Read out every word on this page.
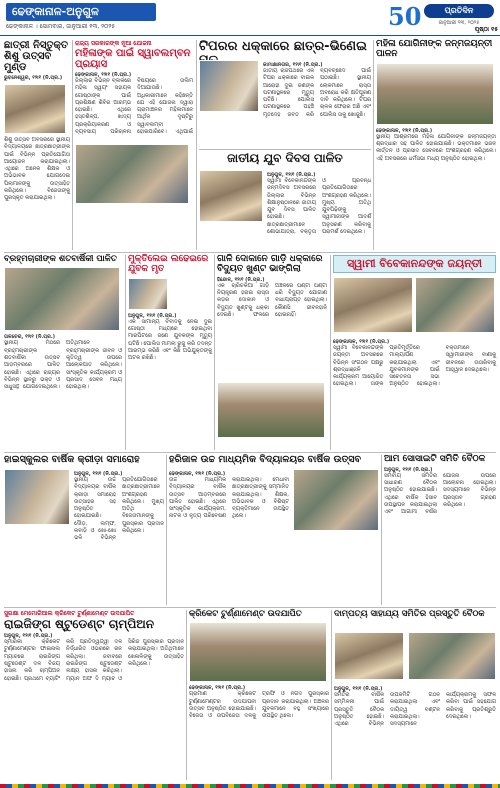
ଢେଙ୍କାନାଳ-ଅନୁଗୁଳ
ଢେଙ୍କାନାଳ । ସୋମବାର, ଜାନୁଆରୀ ୧୩, ୨୦୨୫	50	ପ୍ରତିଦିନ
ଜାନୁଆରୀ ୧୩, ୨୦୨୫
ପୃଷ୍ଠା ୧୫
ଛାତ୍ରୀ ନିସ୍ତୁକ୍ତ ଶିଶୁ ଉତ୍ସବ ମୁଣ୍ଡ
ଭୁବନେଶ୍ୱର, ୧୨ା୧ (ନି.ପ୍ର.)
ଶିଶୁ ଉତ୍ସବ ଅବସରରେ ସ୍ଥାନୀୟ ବିଦ୍ୟାଳୟରେ ଛାତ୍ରଛାତ୍ରୀଙ୍କ ପାଇଁ ବିଭିନ୍ନ ପ୍ରତିଯୋଗିତା ଆୟୋଜନ କରାଯାଇଥିଲା। ଏଥିରେ ଅନେକ ଶିକ୍ଷକ ଓ ଅଭିଭାବକ ଯୋଗଦେଇ ପିଲାମାନଙ୍କୁ ଉତ୍ସାହିତ କରିଥିଲେ। ବିଜେତାଙ୍କୁ ପୁରସ୍କୃତ କରାଯାଇଥିଲା।
ରାଜ୍ୟ ସରକାରଙ୍କ ନୂଆ ଯୋଜନା
ମହିଳାଙ୍କ ପାଇଁ ସ୍ୱାବଲମ୍ବନ ପ୍ରୟାସ
ଢେଙ୍କାନାଳ, ୧୨ା୧ (ନି.ପ୍ର.)
ଜିଲ୍ଲାର ବିଭିନ୍ନ ବ୍ଲକରେ ମହିଳା ସ୍ୱୟଂ ସହାୟକ ଗୋଷ୍ଠୀଙ୍କ ପାଇଁ ପ୍ରଶିକ୍ଷଣ ଶିବିର ଆରମ୍ଭ ହୋଇଛି। ଏଥିରେ ହସ୍ତଶିଳ୍ପ, ଖାଦ୍ୟ ପ୍ରକ୍ରିୟାକରଣ ଓ ବ୍ୟବସାୟ ପରିଚାଳନା ବିଷୟରେ ତାଲିମ ଦିଆଯାଉଛି। ଅଧିକାରୀମାନେ କହିଛନ୍ତି ଯେ ଏହି ଯୋଜନା ଦ୍ୱାରା ଗ୍ରାମାଞ୍ଚଳର ମହିଳାମାନେ ଆର୍ଥିକ ଦୃଷ୍ଟିରୁ ସ୍ୱାବଲମ୍ବୀ ହୋଇପାରିବେ। ଏଥିପାଇଁ
ଟିପରର ଧକ୍କାରେ ଛାତ୍ର-ଭିଣେଇ
କାମାକ୍ଷାନଗର, ୧୨ା୧ (ନି.ପ୍ର.)
ଜାତୀୟ ରାଜପଥରେ ଏକ ଟିପର ଧକ୍କାରେ ବାଇକ ଆରୋହୀ ଦୁଇ ଜଣଙ୍କ ଘଟଣାସ୍ଥଳରେ ମୃତ୍ୟୁ ଘଟିଛି। ପୋଲିସ ଘଟଣାସ୍ଥଳରେ ପହଞ୍ଚି ମୃତଦେହ ଜବତ କରି ବ୍ୟବଚ୍ଛେଦ ପାଇଁ ପଠାଇଛି। ସ୍ଥାନୀୟ ଲୋକମାନେ ରାସ୍ତା ଅବରୋଧ କରି କ୍ଷତିପୂରଣ ଦାବି କରିଥିଲେ। ଟିପର ଚାଳକ ଫେରାର ଅଛି ଏବଂ ପୋଲିସ ତାକୁ ଖୋଜୁଛି।
ମହିଳା ଯୋଗିନୀଙ୍କ ଜନ୍ମଜୟନ୍ତୀ ପାଳନ
ଢେଙ୍କାନାଳ, ୧୨ା୧ (ନି.ପ୍ର.)
ସ୍ଥାନୀୟ ଆଶ୍ରମରେ ମହିଳା ଯୋଗିନୀଙ୍କ ଜନ୍ମଜୟନ୍ତୀ ଶ୍ରଦ୍ଧାର ସହ ପାଳିତ ହୋଇଯାଇଛି। ଭକ୍ତମାନେ ଭଜନ କୀର୍ତ୍ତନ ଓ ପ୍ରସାଦ ସେବନରେ ଅଂଶଗ୍ରହଣ କରିଥିଲେ। ଏହି ଅବସରରେ ଧର୍ମସଭା ମଧ୍ୟ ଅନୁଷ୍ଠିତ ହୋଇଥିଲା।
ଜାତୀୟ ଯୁବ ଦିବସ ପାଳିତ
ଅନୁଗୁଳ, ୧୨ା୧ (ନି.ପ୍ର.)
ସ୍ୱାମୀ ବିବେକାନନ୍ଦଙ୍କ ଜନ୍ମଦିବସ ଅବସରରେ ଜିଲ୍ଲାର ବିଭିନ୍ନ ଶିକ୍ଷାନୁଷ୍ଠାନରେ ଜାତୀୟ ଯୁବ ଦିବସ ପାଳିତ ହୋଇଛି। ଛାତ୍ରଛାତ୍ରୀମାନେ ଶୋଭାଯାତ୍ରା, ବକ୍ତୃତା ଓ ପ୍ରବନ୍ଧ ପ୍ରତିଯୋଗିତାରେ ଅଂଶଗ୍ରହଣ କରିଥିଲେ। ମୁଖ୍ୟ ଅତିଥି ଯୁବପିଢ଼ିଙ୍କୁ ସ୍ୱାମୀଜୀଙ୍କ ଆଦର୍ଶ ଅନୁସରଣ କରିବାକୁ ପରାମର୍ଶ ଦେଇଥିଲେ।
ବ୍ରହ୍ମଚାରୀଙ୍କ ଶତବାର୍ଷିକୀ ପାଳିତ
ତାଳଚେର, ୧୨ା୧ (ନି.ପ୍ର.)
ସ୍ଥାନୀୟ ମଠରେ ବ୍ରହ୍ମଚାରୀଙ୍କ ଶତବାର୍ଷିକୀ ଉତ୍ସବ ଆଡ଼ମ୍ବରରେ ପାଳିତ ହୋଇଛି। ଏଥିରେ ରାଜ୍ୟର ବିଭିନ୍ନ ସ୍ଥାନରୁ ଭକ୍ତ ଓ ସାଧୁସନ୍ଥ ଯୋଗଦେଇଥିଲେ। ଅତିଥିମାନେ ବ୍ରହ୍ମଚାରୀଙ୍କ ଜୀବନ ଓ କୃତିତ୍ୱ ଉପରେ ଆଲୋକପାତ କରିଥିଲେ। ସାଂସ୍କୃତିକ କାର୍ଯ୍ୟକ୍ରମ ଓ ପ୍ରସାଦ ସେବନ ମଧ୍ୟ ହୋଇଥିଲା।
ମୁକ୍ତିଲେଇ ଲଢେଇରେ ଯୁବକ ମୃତ
ଅନୁଗୁଳ, ୧୨ା୧ (ନି.ପ୍ର.)
ଏକ ସାମାନ୍ୟ ବିବାଦକୁ ନେଇ ଦୁଇ ଗୋଷ୍ଠୀ ମଧ୍ୟରେ ହୋଇଥିବା ମାରପିଟରେ ଜଣେ ଯୁବକଙ୍କ ମୃତ୍ୟୁ ଘଟିଛି। ପୋଲିସ ମାମଲା ରୁଜୁ କରି ତଦନ୍ତ ଆରମ୍ଭ କରିଛି ଏବଂ କିଛି ଅଭିଯୁକ୍ତଙ୍କୁ ଅଟକ ରଖିଛି।
ଗାଳି ଦୋକାନେ ଗାଡ଼ି ଧକ୍କାରେ ବିଦ୍ୟୁତ ଖୁଣ୍ଟ ଭାଙ୍ଗିଲା
ହିନ୍ଦୋଳ, ୧୨ା୧ (ନି.ପ୍ର.)
ଏକ ଚାରିଚକିଆ ଗାଡ଼ି ନିୟନ୍ତ୍ରଣ ହରାଇ ରାସ୍ତା କଡ଼ର ଦୋକାନ ଓ ବିଦ୍ୟୁତ ଖୁଣ୍ଟକୁ ଧକ୍କା ଦେଇଛି। ଫଳରେ ଅଞ୍ଚଳରେ ଘଣ୍ଟା ଘଣ୍ଟା ଧରି ବିଦ୍ୟୁତ ଯୋଗାଣ ବାଧାପ୍ରାପ୍ତ ହୋଇଥିଲା। କୌଣସି ଜୀବନହାନି ହୋଇନାହିଁ।
ସ୍ୱାମୀ ବିବେକାନନ୍ଦଙ୍କ ଜୟନ୍ତୀ
ଢେଙ୍କାନାଳ, ୧୨ା୧ (ନି.ପ୍ର.)
ସ୍ୱାମୀ ବିବେକାନନ୍ଦଙ୍କ ଜୟନ୍ତୀ ଅବସରରେ ବିଭିନ୍ନ ସଂଗଠନ ପକ୍ଷରୁ ଶ୍ରଦ୍ଧାଞ୍ଜଳି କାର୍ଯ୍ୟକ୍ରମ ଆୟୋଜିତ ହୋଇଥିଲା। ତାଙ୍କ ପ୍ରତିମୂର୍ତ୍ତିରେ ମାଲ୍ୟାର୍ପଣ କରାଯାଇଥିଲା ଏବଂ ଯୁବକମାନଙ୍କ ପାଇଁ ସଚେତନତା ସଭା ଅନୁଷ୍ଠିତ ହୋଇଥିଲା। ବକ୍ତାମାନେ ସ୍ୱାମୀଜୀଙ୍କ ବାଣୀକୁ ଜୀବନରେ ଉତାରିବାକୁ ଆହ୍ୱାନ ଦେଇଥିଲେ।
ହାଇସ୍କୁଲର ବାର୍ଷିକ କ୍ରୀଡ଼ା ସମାରୋହ
ଅନୁଗୁଳ, ୧୨ା୧ (ନି.ପ୍ର.)
ସ୍ଥାନୀୟ ଉଚ୍ଚ ବିଦ୍ୟାଳୟର ବାର୍ଷିକ କ୍ରୀଡ଼ା ସମାରୋହ ଉତ୍ସାହର ସହ ଅନୁଷ୍ଠିତ ହୋଇଯାଇଛି। ଦୌଡ଼, ଲମ୍ଫ, କବାଡ଼ି ଓ ଖୋ-ଖୋ ଭଳି ବିଭିନ୍ନ ପ୍ରତିଯୋଗିତାରେ ଛାତ୍ରଛାତ୍ରୀମାନେ ଅଂଶଗ୍ରହଣ କରିଥିଲେ। ମୁଖ୍ୟ ଅତିଥି ବିଜେତାମାନଙ୍କୁ ପୁରସ୍କାର ପ୍ରଦାନ କରିଥିଲେ।
ହରିଜାଳ ଉଚ୍ଚ ମାଧ୍ୟମିକ ବିଦ୍ୟାଳୟର ବାର୍ଷିକ ଉତ୍ସବ
ଢେଙ୍କାନାଳ, ୧୨ା୧ (ନି.ପ୍ର.)
ଉଚ୍ଚ ମାଧ୍ୟମିକ ବିଦ୍ୟାଳୟର ବାର୍ଷିକ ଉତ୍ସବ ଆଡ଼ମ୍ବରରେ ପାଳିତ ହୋଇଛି। ଏଥିରେ ସାଂସ୍କୃତିକ କାର୍ଯ୍ୟକ୍ରମ, ନାଟକ ଓ ନୃତ୍ୟ ପରିବେଷଣ କରାଯାଇଥିଲା। ମେଧାବୀ ଛାତ୍ରଛାତ୍ରୀଙ୍କୁ ସମ୍ମାନିତ କରାଯାଇଥିଲା। ଶିକ୍ଷକ, ଅଭିଭାବକ ଓ ବିଶିଷ୍ଟ ବ୍ୟକ୍ତିମାନେ ଉପସ୍ଥିତ ଥିଲେ।
ଆମ ସୋସାଇଟି ସମିତି ବୈଠକ
ଅନୁଗୁଳ, ୧୨ା୧ (ନି.ପ୍ର.)
ସମବାୟ ସମିତିର ସାଧାରଣ ବୈଠକ ଅନୁଷ୍ଠିତ ହୋଇଯାଇଛି। ଏଥିରେ ବାର୍ଷିକ ହିସାବ ଉପସ୍ଥାପନ କରାଯାଇଥିଲା ଏବଂ ଆଗାମୀ ବର୍ଷର ଯୋଜନା ଉପରେ ଆଲୋଚନା ହୋଇଥିଲା। ସଦସ୍ୟମାନେ ବିଭିନ୍ନ ପ୍ରସ୍ତାବ ଗ୍ରହଣ କରିଥିଲେ।
ସୁରକ୍ଷା ମେମୋରିଆଲ କ୍ରିକେଟ ଟୁର୍ଣ୍ଣାମେଣ୍ଟ ଉଦଯାପିତ
ରାଇଜିଙ୍ଗ ଷ୍ଟୁଡେଣ୍ଟ ଚାମ୍ପିଅନ
ଅନୁଗୁଳ, ୧୨ା୧ (ନି.ପ୍ର.)
ସ୍ମାରକୀ କ୍ରିକେଟ ଟୁର୍ଣ୍ଣାମେଣ୍ଟର ଫାଇନାଲ ମ୍ୟାଚରେ ରାଇଜିଙ୍ଗ ଷ୍ଟୁଡେଣ୍ଟ ଦଳ ବିଜୟ ହାସଲ କରି ଚାମ୍ପିଅନ ହୋଇଛି। ପ୍ରଥମେ ବ୍ୟାଟିଂ କରି ପ୍ରତିଦ୍ୱନ୍ଦ୍ୱୀ ଦଳ ନିର୍ଦ୍ଧାରିତ ଓଭରରେ ରନ କରିଥିଲା। ଜବାବରେ ରାଇଜିଙ୍ଗ ଷ୍ଟୁଡେଣ୍ଟ ଲକ୍ଷ୍ୟ ହାସଲ କରିଥିଲା। ମ୍ୟାନ ଅଫ ଦି ମ୍ୟାଚ ଓ ସିରିଜ ପୁରସ୍କାର ପ୍ରଦାନ କରାଯାଇଥିଲା। ଅତିଥିମାନେ ଖେଳାଳିଙ୍କୁ ଉତ୍ସାହିତ କରିଥିଲେ।
କ୍ରିକେଟ ଟୁର୍ଣ୍ଣାମେଣ୍ଟ ଉଦଯାପିତ
ଢେଙ୍କାନାଳ, ୧୨ା୧ (ନି.ପ୍ର.)
ଗ୍ରାମୀଣ କ୍ରିକେଟ ଟୁର୍ଣ୍ଣାମେଣ୍ଟର ଉଦଯାପନୀ ଉତ୍ସବ ଅନୁଷ୍ଠିତ ହୋଇଯାଇଛି। ବିଜେତା ଓ ଉପବିଜେତା ଦଳକୁ ଟ୍ରଫି ଓ ନଗଦ ପୁରସ୍କାର ପ୍ରଦାନ କରାଯାଇଥିଲା। ଅଞ୍ଚଳର ଯୁବକମାନେ ବହୁ ସଂଖ୍ୟାରେ ଉପସ୍ଥିତ ଥିଲେ।
ଦାମ୍ପତ୍ୟ ସାହାଯ୍ୟ ସମିତିର ପ୍ରସ୍ତୁତି ବୈଠକ
ଅନୁଗୁଳ, ୧୨ା୧ (ନି.ପ୍ର.)
ସମିତିର ବାର୍ଷିକ ସମ୍ମିଳନୀ ପାଇଁ ପ୍ରସ୍ତୁତି ବୈଠକ ଅନୁଷ୍ଠିତ ହୋଇଛି। ଏଥିରେ ବିଭିନ୍ନ ଉପକମିଟି ଗଠନ କରାଯାଇଥିଲା ଏବଂ ଦାୟିତ୍ୱ ବଣ୍ଟନ କରାଯାଇଥିଲା। ସଦସ୍ୟମାନେ କାର୍ଯ୍ୟକ୍ରମକୁ ସଫଳ କରିବା ପାଇଁ ସହଯୋଗ କରିବାକୁ ପ୍ରତିଶ୍ରୁତି ଦେଇଥିଲେ।
